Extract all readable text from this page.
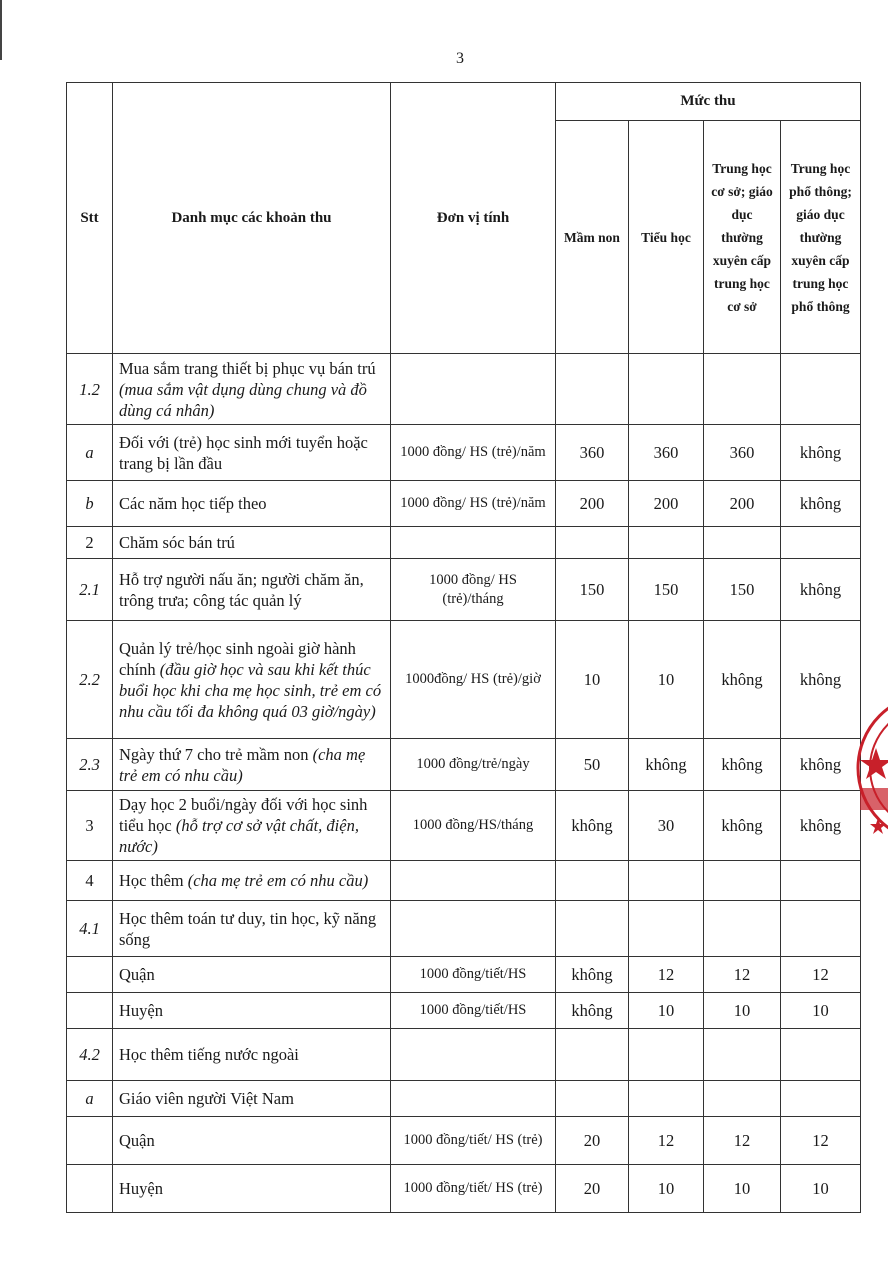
3
Stt	Danh mục các khoản thu	Đơn vị tính	Mức thu			
			Mầm non	Tiểu học	Trung học cơ sở; giáo dục thường xuyên cấp trung học cơ sở	Trung học phổ thông; giáo dục thường xuyên cấp trung học phổ thông
1.2	Mua sắm trang thiết bị phục vụ bán trú (mua sắm vật dụng dùng chung và đồ dùng cá nhân)					
a	Đối với (trẻ) học sinh mới tuyển hoặc trang bị lần đầu	1000 đồng/ HS (trẻ)/năm	360	360	360	không
b	Các năm học tiếp theo	1000 đồng/ HS (trẻ)/năm	200	200	200	không
2	Chăm sóc bán trú					
2.1	Hỗ trợ người nấu ăn; người chăm ăn, trông trưa; công tác quản lý	1000 đồng/ HS (trẻ)/tháng	150	150	150	không
2.2	Quản lý trẻ/học sinh ngoài giờ hành chính (đầu giờ học và sau khi kết thúc buổi học khi cha mẹ học sinh, trẻ em có nhu cầu tối đa không quá 03 giờ/ngày)	1000đồng/ HS (trẻ)/giờ	10	10	không	không
2.3	Ngày thứ 7 cho trẻ mầm non (cha mẹ trẻ em có nhu cầu)	1000 đồng/trẻ/ngày	50	không	không	không
3	Dạy học 2 buổi/ngày đối với học sinh tiểu học (hỗ trợ cơ sở vật chất, điện, nước)	1000 đồng/HS/tháng	không	30	không	không
4	Học thêm (cha mẹ trẻ em có nhu cầu)					
4.1	Học thêm toán tư duy, tin học, kỹ năng sống					
	Quận	1000 đồng/tiết/HS	không	12	12	12
	Huyện	1000 đồng/tiết/HS	không	10	10	10
4.2	Học thêm tiếng nước ngoài					
a	Giáo viên người Việt Nam					
	Quận	1000 đồng/tiết/ HS (trẻ)	20	12	12	12
	Huyện	1000 đồng/tiết/ HS (trẻ)	20	10	10	10
